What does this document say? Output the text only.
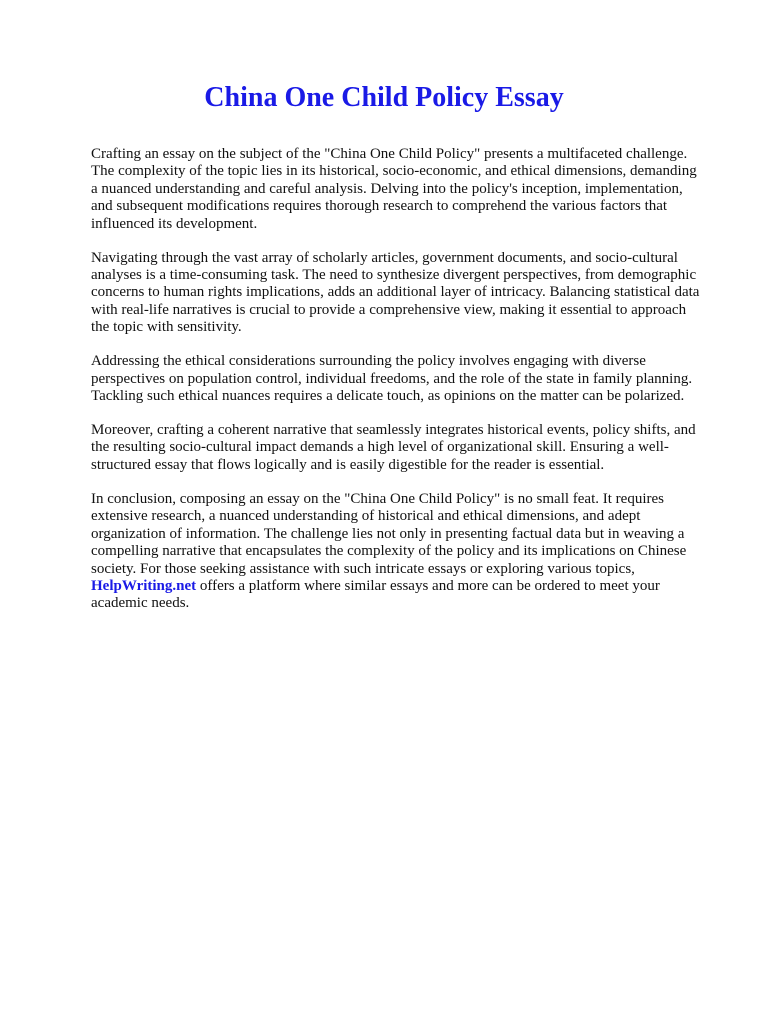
China One Child Policy Essay

Crafting an essay on the subject of the "China One Child Policy" presents a multifaceted challenge.
The complexity of the topic lies in its historical, socio-economic, and ethical dimensions, demanding
a nuanced understanding and careful analysis. Delving into the policy's inception, implementation,
and subsequent modifications requires thorough research to comprehend the various factors that
influenced its development.

Navigating through the vast array of scholarly articles, government documents, and socio-cultural
analyses is a time-consuming task. The need to synthesize divergent perspectives, from demographic
concerns to human rights implications, adds an additional layer of intricacy. Balancing statistical data
with real-life narratives is crucial to provide a comprehensive view, making it essential to approach
the topic with sensitivity.

Addressing the ethical considerations surrounding the policy involves engaging with diverse
perspectives on population control, individual freedoms, and the role of the state in family planning.
Tackling such ethical nuances requires a delicate touch, as opinions on the matter can be polarized.

Moreover, crafting a coherent narrative that seamlessly integrates historical events, policy shifts, and
the resulting socio-cultural impact demands a high level of organizational skill. Ensuring a well-
structured essay that flows logically and is easily digestible for the reader is essential.

In conclusion, composing an essay on the "China One Child Policy" is no small feat. It requires
extensive research, a nuanced understanding of historical and ethical dimensions, and adept
organization of information. The challenge lies not only in presenting factual data but in weaving a
compelling narrative that encapsulates the complexity of the policy and its implications on Chinese
society. For those seeking assistance with such intricate essays or exploring various topics,
HelpWriting.net offers a platform where similar essays and more can be ordered to meet your
academic needs.
